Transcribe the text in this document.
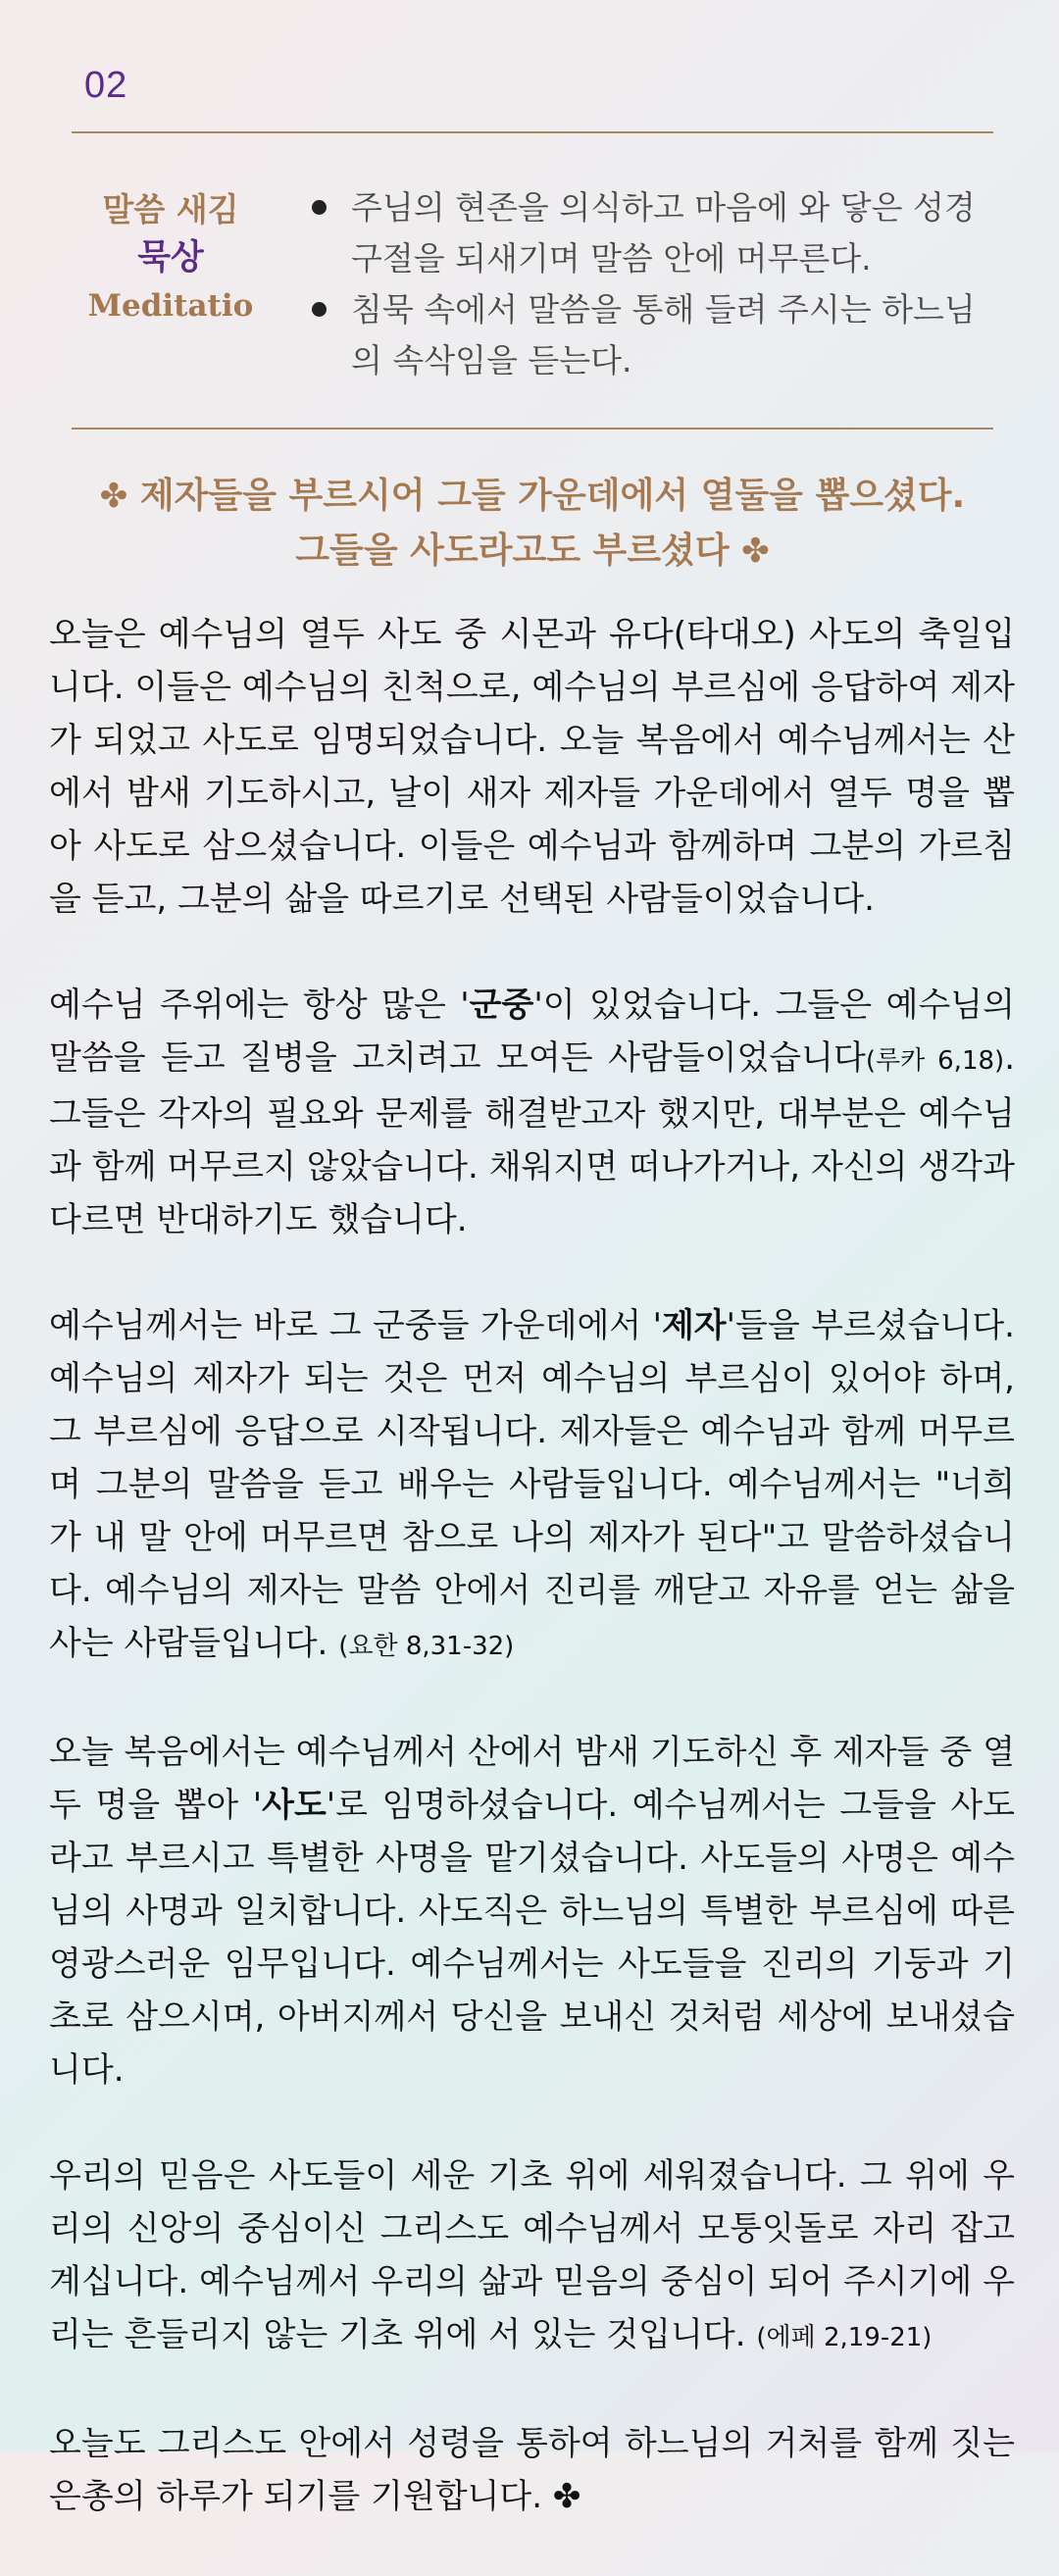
02
말씀 새김
묵상
Meditatio
주님의 현존을 의식하고 마음에 와 닿은 성경구절을 되새기며 말씀 안에 머무른다.
침묵 속에서 말씀을 통해 들려 주시는 하느님의 속삭임을 듣는다.
✤ 제자들을 부르시어 그들 가운데에서 열둘을 뽑으셨다.
그들을 사도라고도 부르셨다 ✤

오늘은 예수님의 열두 사도 중 시몬과 유다(타대오) 사도의 축일입니다. 이들은 예수님의 친척으로, 예수님의 부르심에 응답하여 제자가 되었고 사도로 임명되었습니다. 오늘 복음에서 예수님께서는 산에서 밤새 기도하시고, 날이 새자 제자들 가운데에서 열두 명을 뽑아 사도로 삼으셨습니다. 이들은 예수님과 함께하며 그분의 가르침을 듣고, 그분의 삶을 따르기로 선택된 사람들이었습니다.

예수님 주위에는 항상 많은 '군중'이 있었습니다. 그들은 예수님의 말씀을 듣고 질병을 고치려고 모여든 사람들이었습니다(루카 6,18). 그들은 각자의 필요와 문제를 해결받고자 했지만, 대부분은 예수님과 함께 머무르지 않았습니다. 채워지면 떠나가거나, 자신의 생각과 다르면 반대하기도 했습니다.

예수님께서는 바로 그 군중들 가운데에서 '제자'들을 부르셨습니다. 예수님의 제자가 되는 것은 먼저 예수님의 부르심이 있어야 하며, 그 부르심에 응답으로 시작됩니다. 제자들은 예수님과 함께 머무르며 그분의 말씀을 듣고 배우는 사람들입니다. 예수님께서는 "너희가 내 말 안에 머무르면 참으로 나의 제자가 된다"고 말씀하셨습니다. 예수님의 제자는 말씀 안에서 진리를 깨닫고 자유를 얻는 삶을 사는 사람들입니다. (요한 8,31-32)

오늘 복음에서는 예수님께서 산에서 밤새 기도하신 후 제자들 중 열두 명을 뽑아 '사도'로 임명하셨습니다. 예수님께서는 그들을 사도라고 부르시고 특별한 사명을 맡기셨습니다. 사도들의 사명은 예수님의 사명과 일치합니다. 사도직은 하느님의 특별한 부르심에 따른 영광스러운 임무입니다. 예수님께서는 사도들을 진리의 기둥과 기초로 삼으시며, 아버지께서 당신을 보내신 것처럼 세상에 보내셨습니다.

우리의 믿음은 사도들이 세운 기초 위에 세워졌습니다. 그 위에 우리의 신앙의 중심이신 그리스도 예수님께서 모퉁잇돌로 자리 잡고 계십니다. 예수님께서 우리의 삶과 믿음의 중심이 되어 주시기에 우리는 흔들리지 않는 기초 위에 서 있는 것입니다. (에페 2,19-21)

오늘도 그리스도 안에서 성령을 통하여 하느님의 거처를 함께 짓는 은총의 하루가 되기를 기원합니다. ✤
